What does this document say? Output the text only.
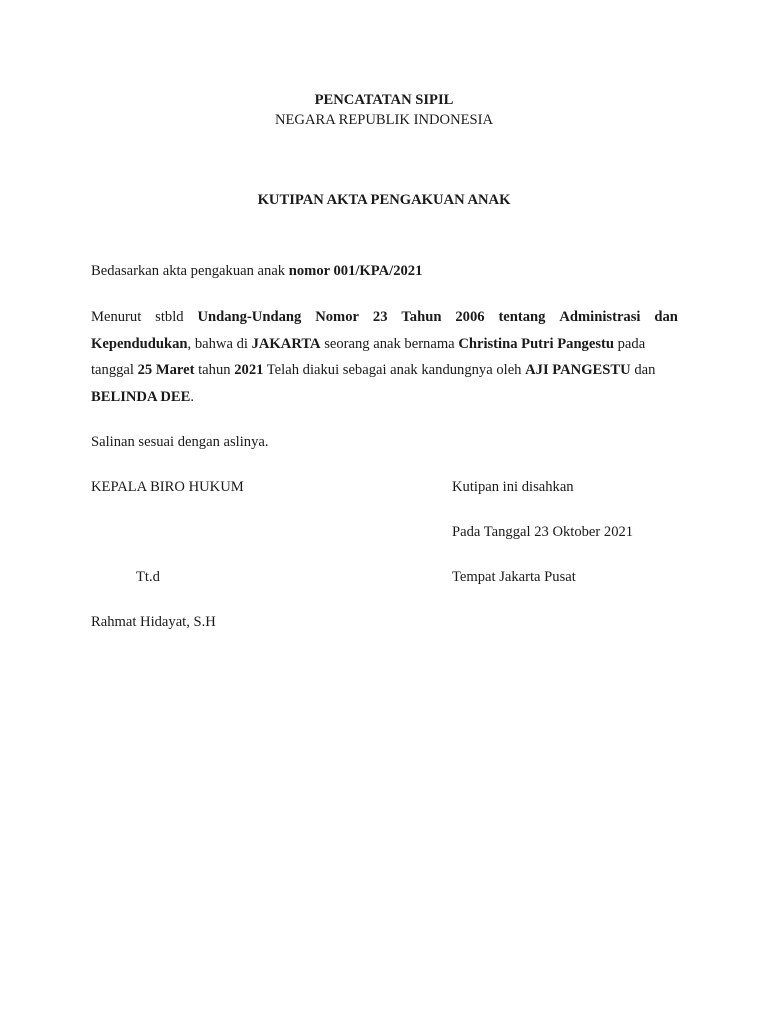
PENCATATAN SIPIL
NEGARA REPUBLIK INDONESIA
KUTIPAN AKTA PENGAKUAN ANAK
Bedasarkan akta pengakuan anak nomor 001/KPA/2021
Menurut stbld Undang-Undang Nomor 23 Tahun 2006 tentang Administrasi dan
Kependudukan, bahwa di JAKARTA seorang anak bernama Christina Putri Pangestu pada
tanggal 25 Maret tahun 2021 Telah diakui sebagai anak kandungnya oleh AJI PANGESTU dan
BELINDA DEE.
Salinan sesuai dengan aslinya.
KEPALA BIRO HUKUM	Kutipan ini disahkan
Pada Tanggal 23 Oktober 2021
Tt.d	Tempat Jakarta Pusat
Rahmat Hidayat, S.H
